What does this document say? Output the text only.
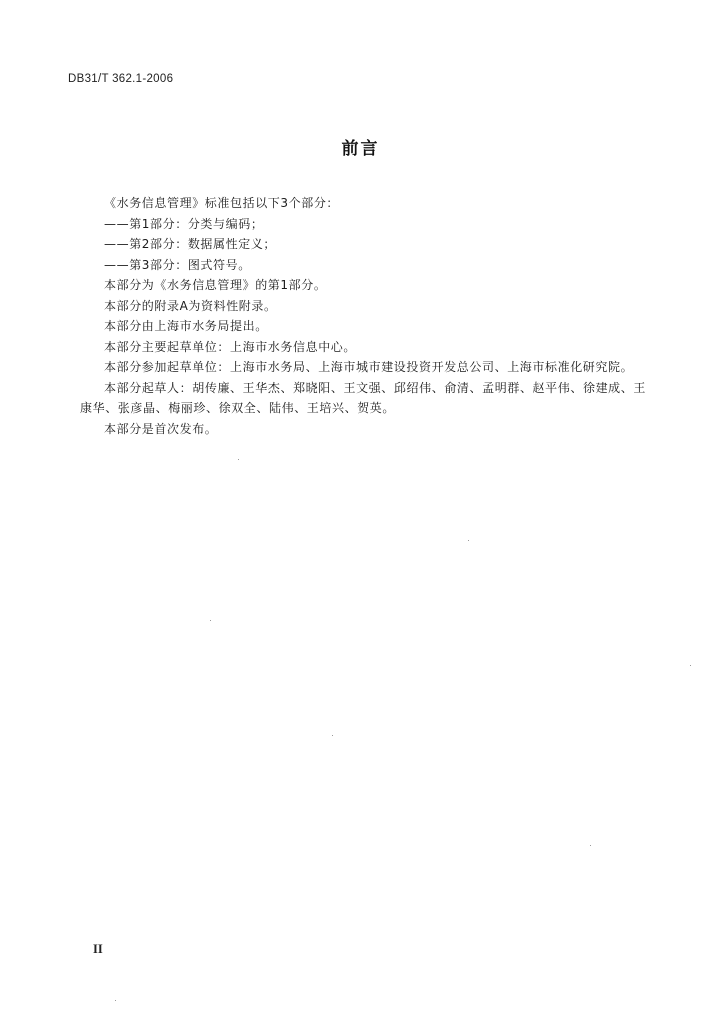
DB31/T 362.1-2006
前言

《水务信息管理》标准包括以下3个部分：

——第1部分：分类与编码；

——第2部分：数据属性定义；

——第3部分：图式符号。

本部分为《水务信息管理》的第1部分。

本部分的附录A为资料性附录。

本部分由上海市水务局提出。

本部分主要起草单位：上海市水务信息中心。

本部分参加起草单位：上海市水务局、上海市城市建设投资开发总公司、上海市标准化研究院。

本部分起草人：胡传廉、王华杰、郑晓阳、王文强、邱绍伟、俞清、孟明群、赵平伟、徐建成、王康华、张彦晶、梅丽珍、徐双全、陆伟、王培兴、贺英。

本部分是首次发布。

II
